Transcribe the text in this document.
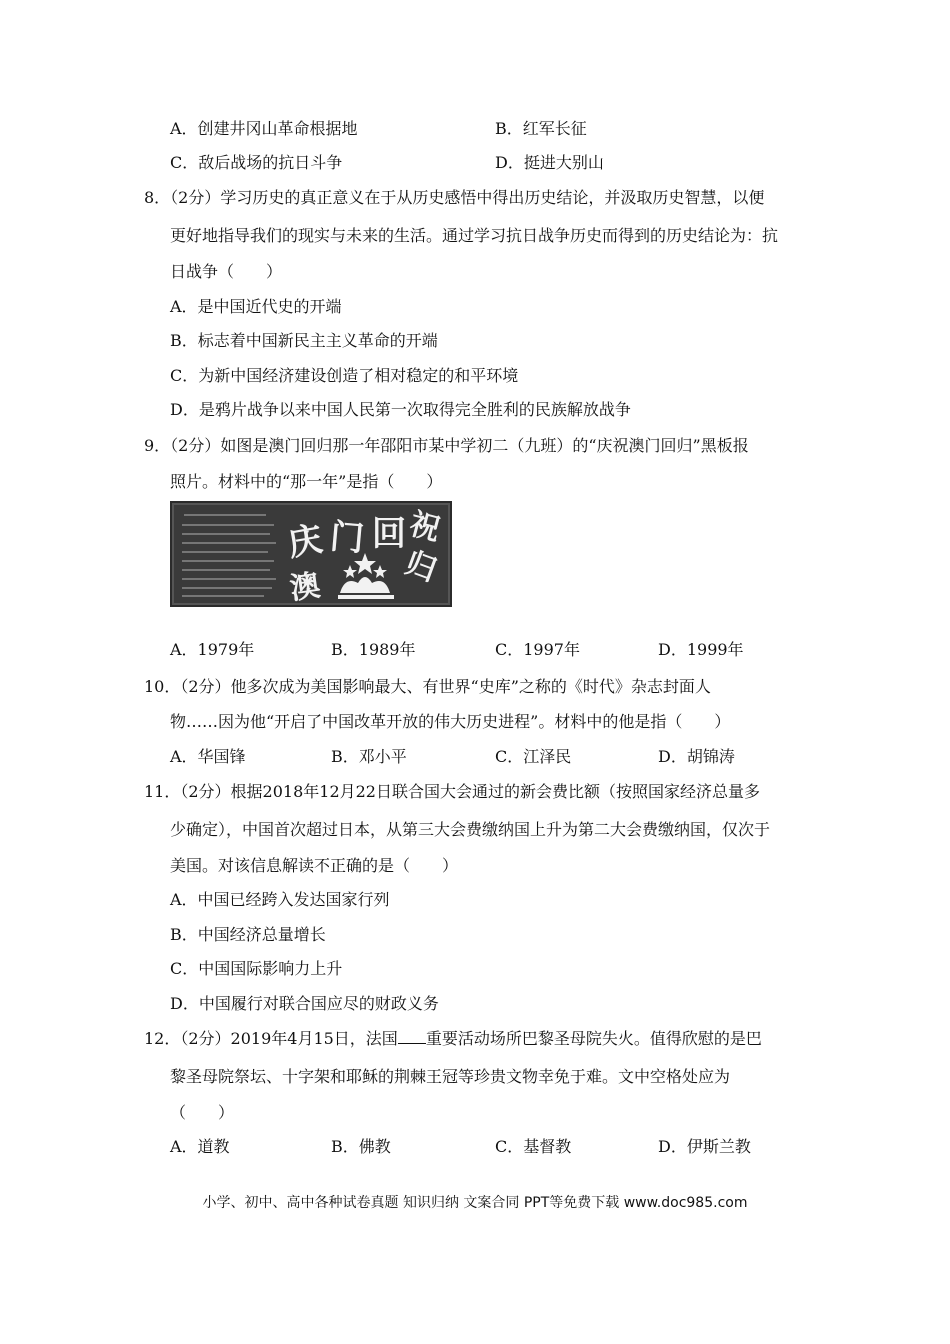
A．创建井冈山革命根据地	B．红军长征
C．敌后战场的抗日斗争	D．挺进大别山
8．（2分）学习历史的真正意义在于从历史感悟中得出历史结论，并汲取历史智慧，以便
更好地指导我们的现实与未来的生活。通过学习抗日战争历史而得到的历史结论为：抗
日战争（　　）
A．是中国近代史的开端
B．标志着中国新民主主义革命的开端
C．为新中国经济建设创造了相对稳定的和平环境
D．是鸦片战争以来中国人民第一次取得完全胜利的民族解放战争
9．（2分）如图是澳门回归那一年邵阳市某中学初二（九班）的“庆祝澳门回归”黑板报
照片。材料中的“那一年”是指（　　）
庆 门 回 祝
澳	归
A．1979年	B．1989年	C．1997年	D．1999年
10．（2分）他多次成为美国影响最大、有世界“史库”之称的《时代》杂志封面人
物……因为他“开启了中国改革开放的伟大历史进程”。材料中的他是指（　　）
A．华国锋	B．邓小平	C．江泽民	D．胡锦涛
11．（2分）根据2018年12月22日联合国大会通过的新会费比额（按照国家经济总量多
少确定），中国首次超过日本，从第三大会费缴纳国上升为第二大会费缴纳国，仅次于
美国。对该信息解读不正确的是（　　）
A．中国已经跨入发达国家行列
B．中国经济总量增长
C．中国国际影响力上升
D．中国履行对联合国应尽的财政义务
12．（2分）2019年4月15日，法国 重要活动场所巴黎圣母院失火。值得欣慰的是巴
黎圣母院祭坛、十字架和耶稣的荆棘王冠等珍贵文物幸免于难。文中空格处应为
（　　）
A．道教	B．佛教	C．基督教	D．伊斯兰教
小学、初中、高中各种试卷真题 知识归纳 文案合同 PPT等免费下载 www.doc985.com
